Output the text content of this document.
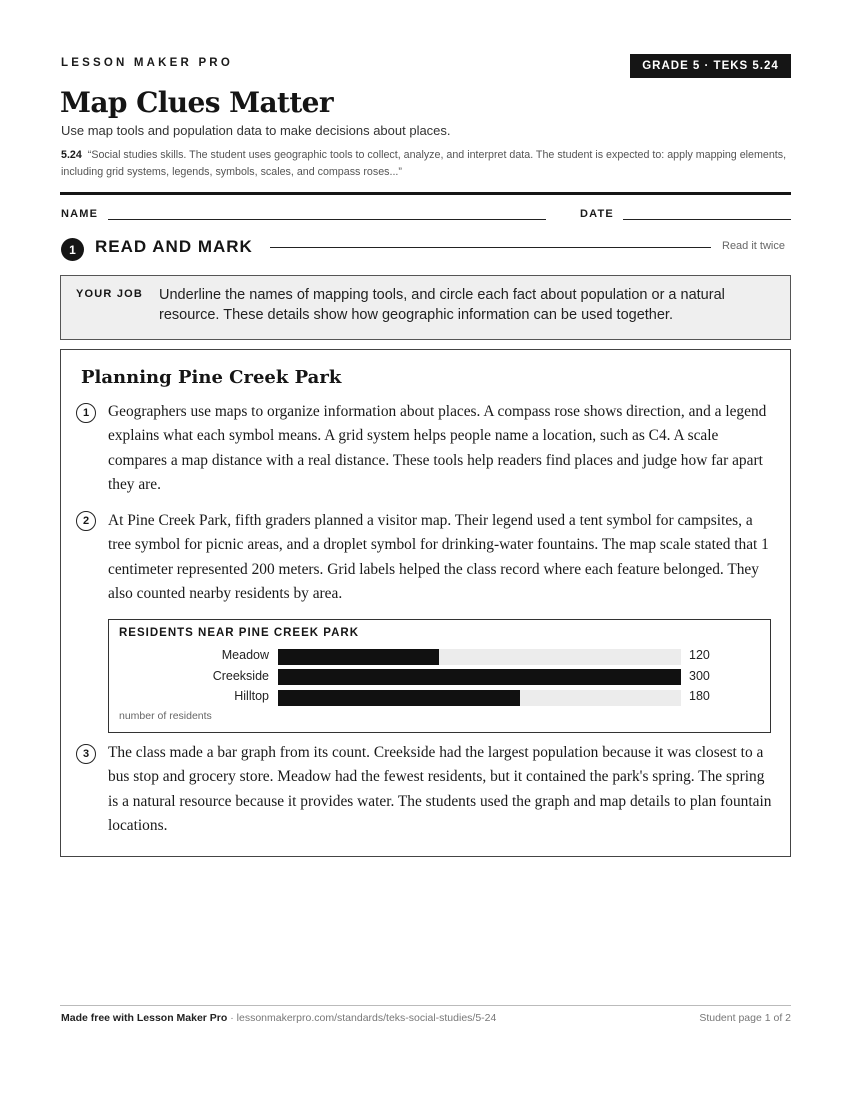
LESSON MAKER PRO	GRADE 5 · TEKS 5.24
Map Clues Matter
Use map tools and population data to make decisions about places.
5.24 “Social studies skills. The student uses geographic tools to collect, analyze, and interpret data. The student is expected to: apply mapping elements, including grid systems, legends, symbols, scales, and compass roses...”
NAME	DATE
1	READ AND MARK	Read it twice
YOUR JOB Underline the names of mapping tools, and circle each fact about population or a natural resource. These details show how geographic information can be used together.
Planning Pine Creek Park
1	Geographers use maps to organize information about places. A compass rose shows direction, and a legend explains what each symbol means. A grid system helps people name a location, such as C4. A scale compares a map distance with a real distance. These tools help readers find places and judge how far apart they are.
2	At Pine Creek Park, fifth graders planned a visitor map. Their legend used a tent symbol for campsites, a tree symbol for picnic areas, and a droplet symbol for drinking-water fountains. The map scale stated that 1 centimeter represented 200 meters. Grid labels helped the class record where each feature belonged. They also counted nearby residents by area.
RESIDENTS NEAR PINE CREEK PARK
Meadow	120
Creekside	300
Hilltop	180
number of residents
3	The class made a bar graph from its count. Creekside had the largest population because it was closest to a bus stop and grocery store. Meadow had the fewest residents, but it contained the park's spring. The spring is a natural resource because it provides water. The students used the graph and map details to plan fountain locations.
Made free with Lesson Maker Pro · lessonmakerpro.com/standards/teks-social-studies/5-24	Student page 1 of 2
